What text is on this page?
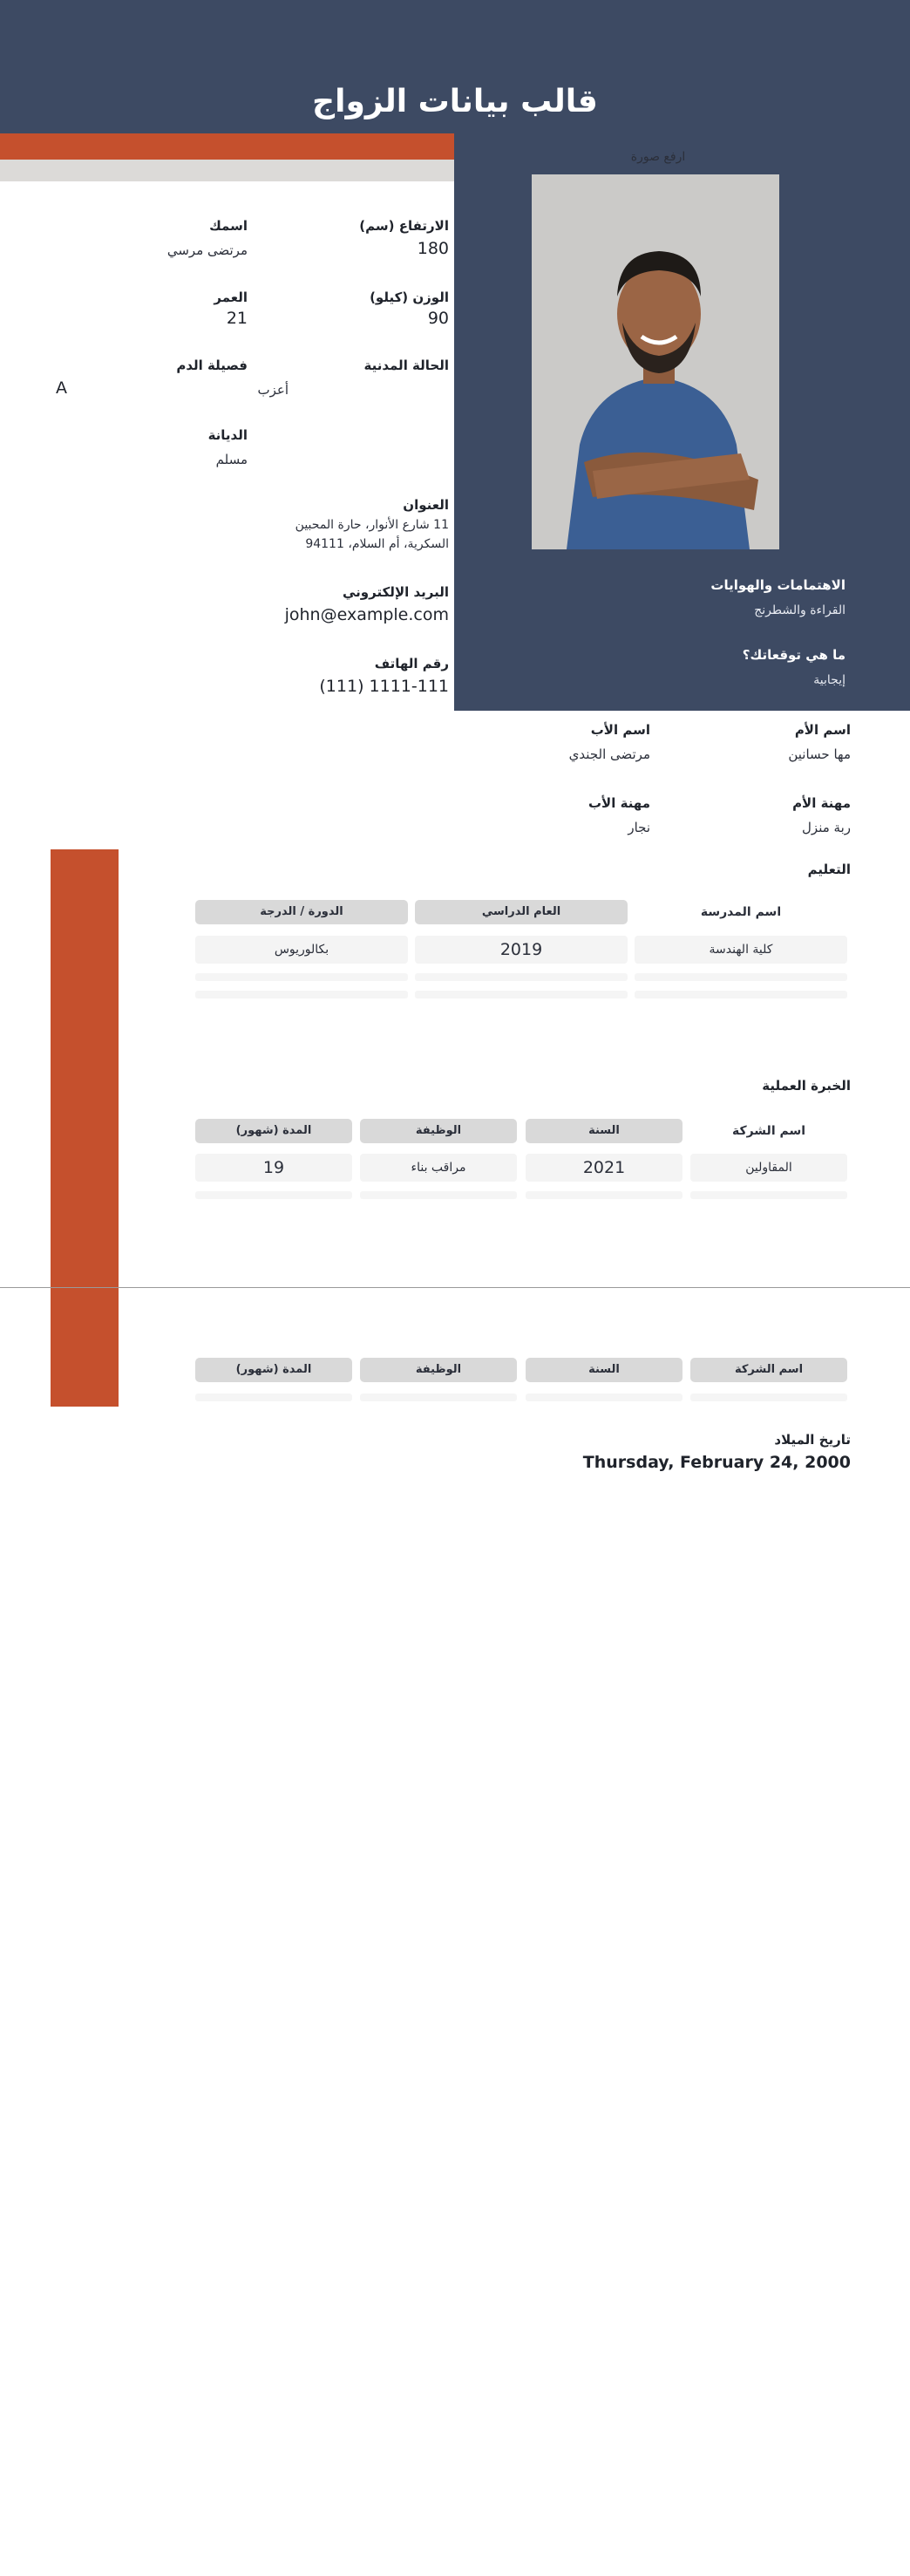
قالب بيانات الزواج
ارفع صورة
الاهتمامات والهوايات
القراءة والشطرنج
ما هي توقعاتك؟
إيجابية
الارتفاع (سم)
180
اسمك
مرتضى مرسي
الوزن (كيلو)
90
العمر
21
الحالة المدنية
أعزب
فصيلة الدم
A
الديانة
مسلم
العنوان
11 شارع الأنوار، حارة المحبين
السكرية، أم السلام، 94111
البريد الإلكتروني
john@example.com
رقم الهاتف
(111) 1111-111
اسم الأم
مها حسانين
اسم الأب
مرتضى الجندي
مهنة الأم
ربة منزل
مهنة الأب
نجار
التعليم
اسم المدرسة
العام الدراسي
الدورة / الدرجة
كلية الهندسة
2019
بكالوريوس
الخبرة العملية
اسم الشركة
السنة
الوظيفة
المدة (شهور)
المقاولين
2021
مراقب بناء
19
اسم الشركة
السنة
الوظيفة
المدة (شهور)
تاريخ الميلاد
Thursday, February 24, 2000
